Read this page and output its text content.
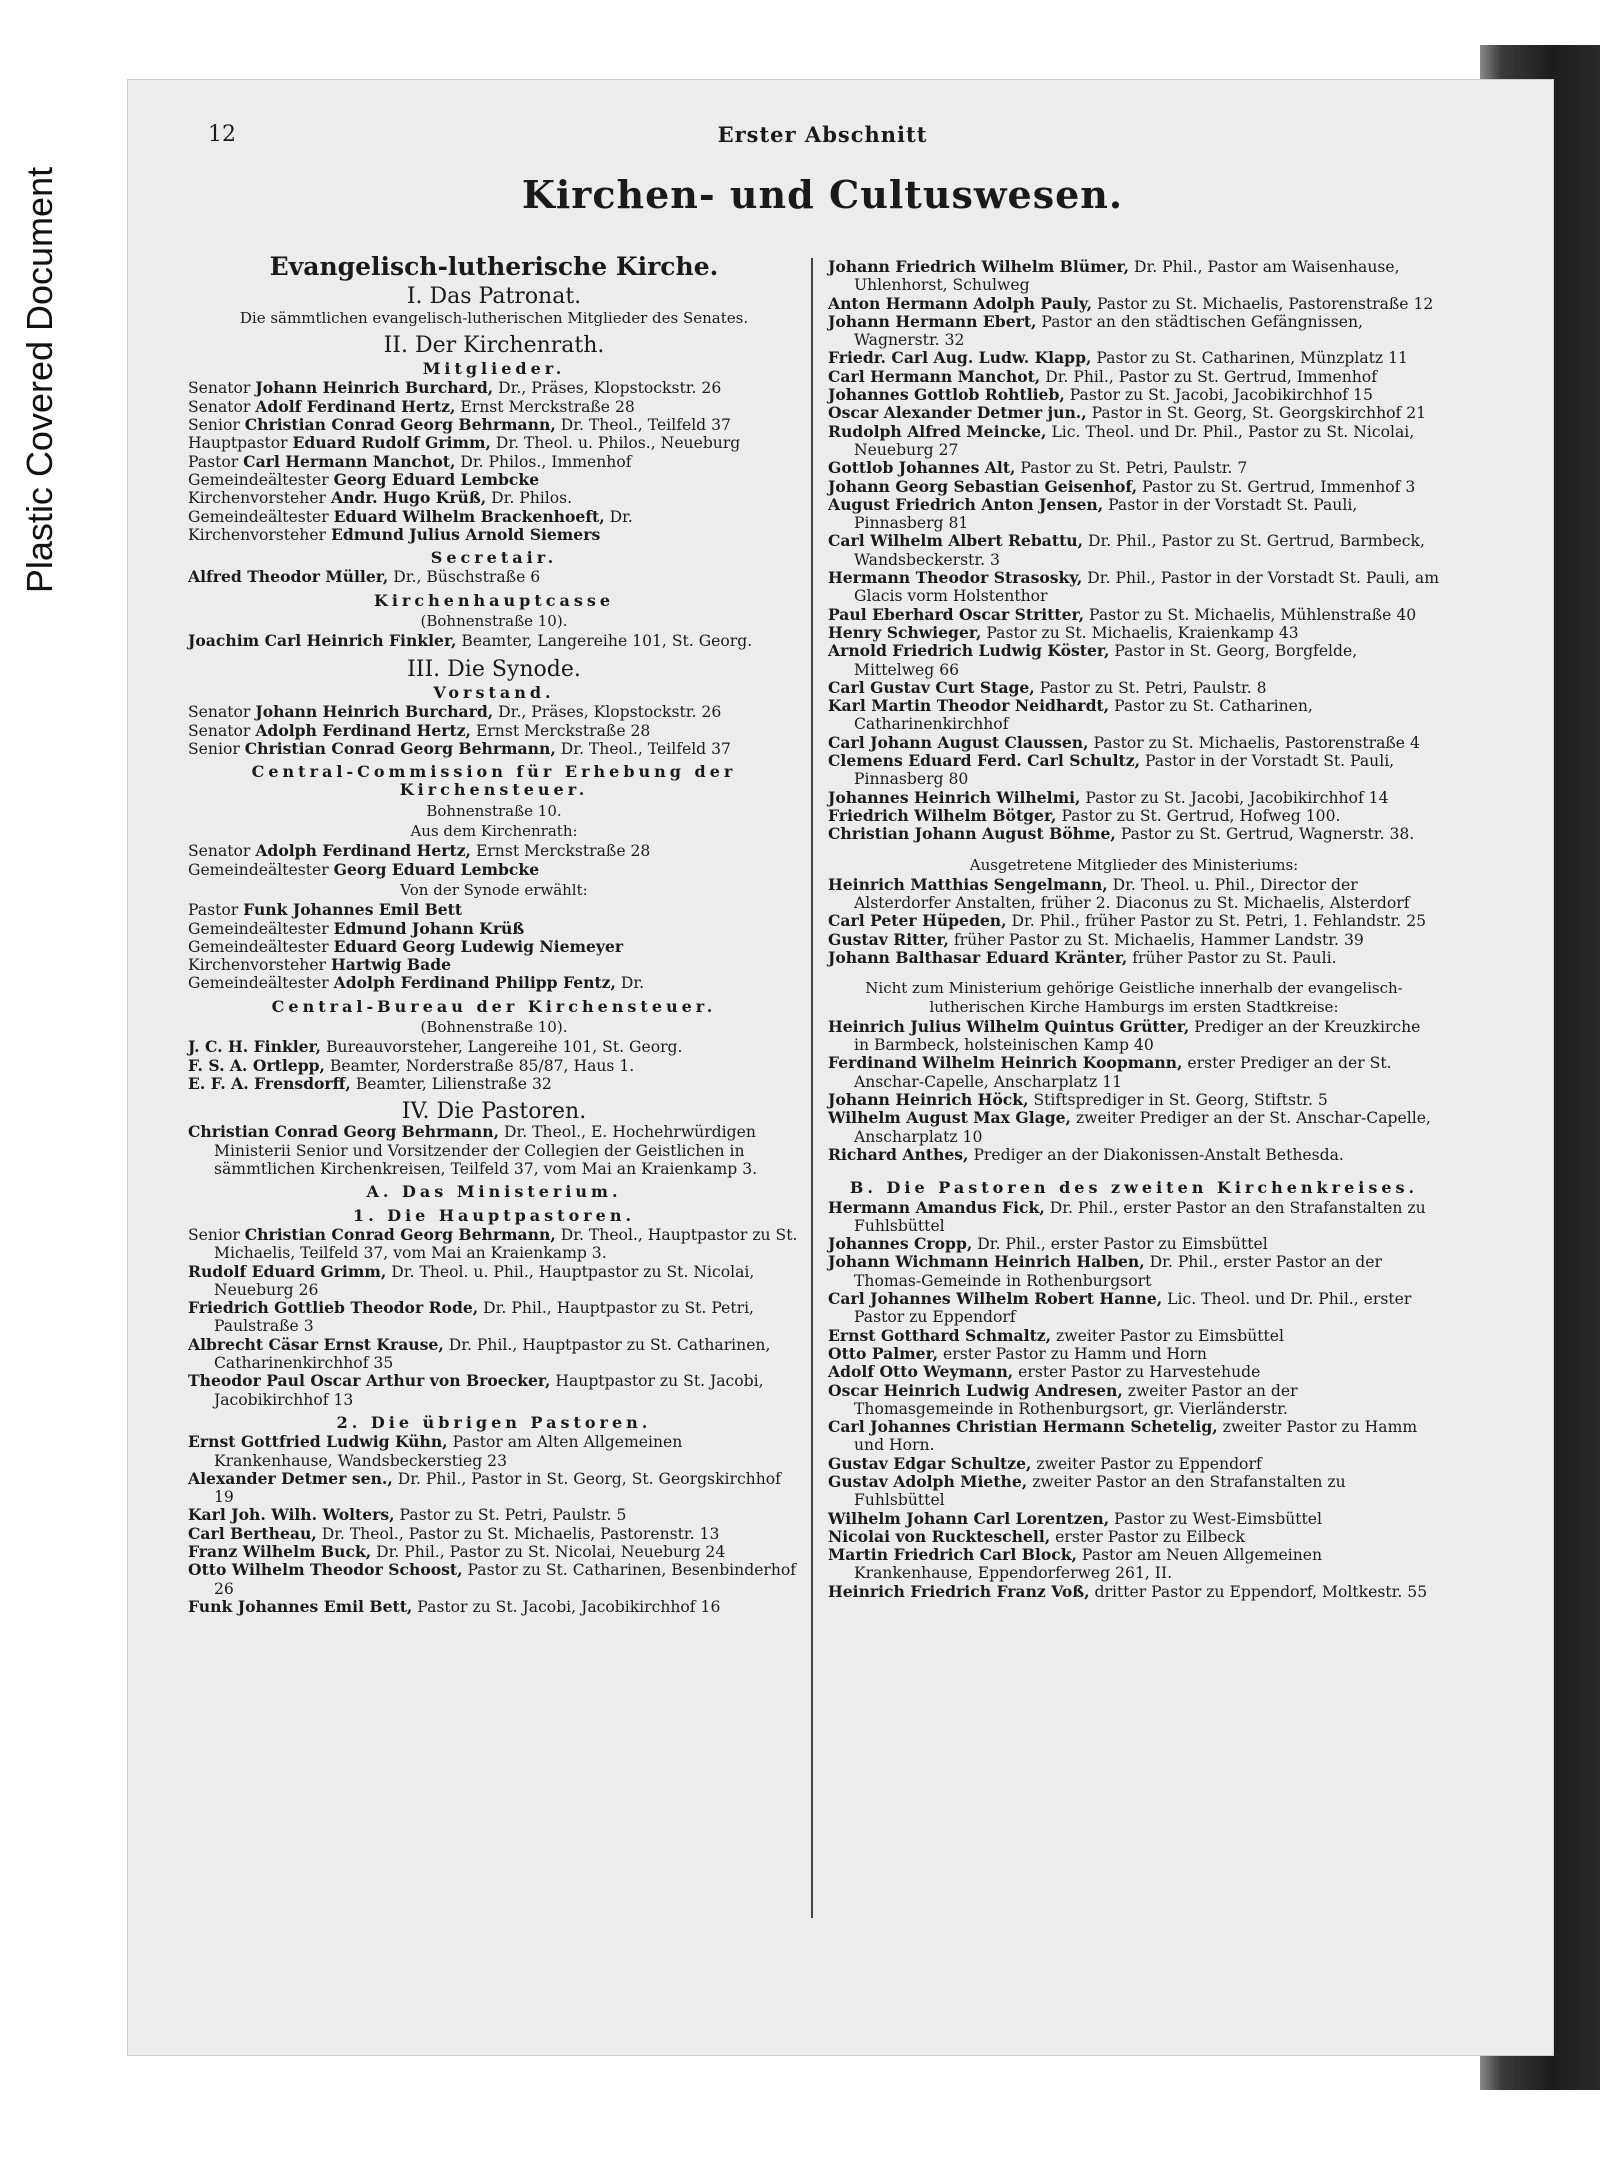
Plastic Covered Document
12	Erster Abschnitt
Kirchen- und Cultuswesen.
Evangelisch-lutherische Kirche.
I. Das Patronat.
Die sämmtlichen evangelisch-lutherischen Mitglieder des Senates.
II. Der Kirchenrath.
Mitglieder.
Senator Johann Heinrich Burchard, Dr., Präses, Klopstockstr. 26
Senator Adolf Ferdinand Hertz, Ernst Merckstraße 28
Senior Christian Conrad Georg Behrmann, Dr. Theol., Teilfeld 37
Hauptpastor Eduard Rudolf Grimm, Dr. Theol. u. Philos., Neueburg
Pastor Carl Hermann Manchot, Dr. Philos., Immenhof
Gemeindeältester Georg Eduard Lembcke
Kirchenvorsteher Andr. Hugo Krüß, Dr. Philos.
Gemeindeältester Eduard Wilhelm Brackenhoeft, Dr.
Kirchenvorsteher Edmund Julius Arnold Siemers
Secretair.
Alfred Theodor Müller, Dr., Büschstraße 6
Kirchenhauptcasse
(Bohnenstraße 10).
Joachim Carl Heinrich Finkler, Beamter, Langereihe 101, St. Georg.
III. Die Synode.
Vorstand.
Senator Johann Heinrich Burchard, Dr., Präses, Klopstockstr. 26
Senator Adolph Ferdinand Hertz, Ernst Merckstraße 28
Senior Christian Conrad Georg Behrmann, Dr. Theol., Teilfeld 37
Central-Commission für Erhebung der Kirchensteuer.
Bohnenstraße 10.
Aus dem Kirchenrath:
Senator Adolph Ferdinand Hertz, Ernst Merckstraße 28
Gemeindeältester Georg Eduard Lembcke
Von der Synode erwählt:
Pastor Funk Johannes Emil Bett
Gemeindeältester Edmund Johann Krüß
Gemeindeältester Eduard Georg Ludewig Niemeyer
Kirchenvorsteher Hartwig Bade
Gemeindeältester Adolph Ferdinand Philipp Fentz, Dr.
Central-Bureau der Kirchensteuer.
(Bohnenstraße 10).
J. C. H. Finkler, Bureauvorsteher, Langereihe 101, St. Georg.
F. S. A. Ortlepp, Beamter, Norderstraße 85/87, Haus 1.
E. F. A. Frensdorff, Beamter, Lilienstraße 32
IV. Die Pastoren.
Christian Conrad Georg Behrmann, Dr. Theol., E. Hochehrwürdigen Ministerii Senior und Vorsitzender der Collegien der Geistlichen in sämmtlichen Kirchenkreisen, Teilfeld 37, vom Mai an Kraienkamp 3.
A. Das Ministerium.
1. Die Hauptpastoren.
Senior Christian Conrad Georg Behrmann, Dr. Theol., Hauptpastor zu St. Michaelis, Teilfeld 37, vom Mai an Kraienkamp 3.
Rudolf Eduard Grimm, Dr. Theol. u. Phil., Hauptpastor zu St. Nicolai, Neueburg 26
Friedrich Gottlieb Theodor Rode, Dr. Phil., Hauptpastor zu St. Petri, Paulstraße 3
Albrecht Cäsar Ernst Krause, Dr. Phil., Hauptpastor zu St. Catharinen, Catharinenkirchhof 35
Theodor Paul Oscar Arthur von Broecker, Hauptpastor zu St. Jacobi, Jacobikirchhof 13
2. Die übrigen Pastoren.
Ernst Gottfried Ludwig Kühn, Pastor am Alten Allgemeinen Krankenhause, Wandsbeckerstieg 23
Alexander Detmer sen., Dr. Phil., Pastor in St. Georg, St. Georgskirchhof 19
Karl Joh. Wilh. Wolters, Pastor zu St. Petri, Paulstr. 5
Carl Bertheau, Dr. Theol., Pastor zu St. Michaelis, Pastorenstr. 13
Franz Wilhelm Buck, Dr. Phil., Pastor zu St. Nicolai, Neueburg 24
Otto Wilhelm Theodor Schoost, Pastor zu St. Catharinen, Besenbinderhof 26
Funk Johannes Emil Bett, Pastor zu St. Jacobi, Jacobikirchhof 16
Johann Friedrich Wilhelm Blümer, Dr. Phil., Pastor am Waisenhause, Uhlenhorst, Schulweg
Anton Hermann Adolph Pauly, Pastor zu St. Michaelis, Pastorenstraße 12
Johann Hermann Ebert, Pastor an den städtischen Gefängnissen, Wagnerstr. 32
Friedr. Carl Aug. Ludw. Klapp, Pastor zu St. Catharinen, Münzplatz 11
Carl Hermann Manchot, Dr. Phil., Pastor zu St. Gertrud, Immenhof
Johannes Gottlob Rohtlieb, Pastor zu St. Jacobi, Jacobikirchhof 15
Oscar Alexander Detmer jun., Pastor in St. Georg, St. Georgskirchhof 21
Rudolph Alfred Meincke, Lic. Theol. und Dr. Phil., Pastor zu St. Nicolai, Neueburg 27
Gottlob Johannes Alt, Pastor zu St. Petri, Paulstr. 7
Johann Georg Sebastian Geisenhof, Pastor zu St. Gertrud, Immenhof 3
August Friedrich Anton Jensen, Pastor in der Vorstadt St. Pauli, Pinnasberg 81
Carl Wilhelm Albert Rebattu, Dr. Phil., Pastor zu St. Gertrud, Barmbeck, Wandsbeckerstr. 3
Hermann Theodor Strasosky, Dr. Phil., Pastor in der Vorstadt St. Pauli, am Glacis vorm Holstenthor
Paul Eberhard Oscar Stritter, Pastor zu St. Michaelis, Mühlenstraße 40
Henry Schwieger, Pastor zu St. Michaelis, Kraienkamp 43
Arnold Friedrich Ludwig Köster, Pastor in St. Georg, Borgfelde, Mittelweg 66
Carl Gustav Curt Stage, Pastor zu St. Petri, Paulstr. 8
Karl Martin Theodor Neidhardt, Pastor zu St. Catharinen, Catharinenkirchhof
Carl Johann August Claussen, Pastor zu St. Michaelis, Pastorenstraße 4
Clemens Eduard Ferd. Carl Schultz, Pastor in der Vorstadt St. Pauli, Pinnasberg 80
Johannes Heinrich Wilhelmi, Pastor zu St. Jacobi, Jacobikirchhof 14
Friedrich Wilhelm Bötger, Pastor zu St. Gertrud, Hofweg 100.
Christian Johann August Böhme, Pastor zu St. Gertrud, Wagnerstr. 38.
Ausgetretene Mitglieder des Ministeriums:
Heinrich Matthias Sengelmann, Dr. Theol. u. Phil., Director der Alsterdorfer Anstalten, früher 2. Diaconus zu St. Michaelis, Alsterdorf
Carl Peter Hüpeden, Dr. Phil., früher Pastor zu St. Petri, 1. Fehlandstr. 25
Gustav Ritter, früher Pastor zu St. Michaelis, Hammer Landstr. 39
Johann Balthasar Eduard Kränter, früher Pastor zu St. Pauli.
Nicht zum Ministerium gehörige Geistliche innerhalb der evangelisch-lutherischen Kirche Hamburgs im ersten Stadtkreise:
Heinrich Julius Wilhelm Quintus Grütter, Prediger an der Kreuzkirche in Barmbeck, holsteinischen Kamp 40
Ferdinand Wilhelm Heinrich Koopmann, erster Prediger an der St. Anschar-Capelle, Anscharplatz 11
Johann Heinrich Höck, Stiftsprediger in St. Georg, Stiftstr. 5
Wilhelm August Max Glage, zweiter Prediger an der St. Anschar-Capelle, Anscharplatz 10
Richard Anthes, Prediger an der Diakonissen-Anstalt Bethesda.
B. Die Pastoren des zweiten Kirchenkreises.
Hermann Amandus Fick, Dr. Phil., erster Pastor an den Strafanstalten zu Fuhlsbüttel
Johannes Cropp, Dr. Phil., erster Pastor zu Eimsbüttel
Johann Wichmann Heinrich Halben, Dr. Phil., erster Pastor an der Thomas-Gemeinde in Rothenburgsort
Carl Johannes Wilhelm Robert Hanne, Lic. Theol. und Dr. Phil., erster Pastor zu Eppendorf
Ernst Gotthard Schmaltz, zweiter Pastor zu Eimsbüttel
Otto Palmer, erster Pastor zu Hamm und Horn
Adolf Otto Weymann, erster Pastor zu Harvestehude
Oscar Heinrich Ludwig Andresen, zweiter Pastor an der Thomasgemeinde in Rothenburgsort, gr. Vierländerstr.
Carl Johannes Christian Hermann Schetelig, zweiter Pastor zu Hamm und Horn.
Gustav Edgar Schultze, zweiter Pastor zu Eppendorf
Gustav Adolph Miethe, zweiter Pastor an den Strafanstalten zu Fuhlsbüttel
Wilhelm Johann Carl Lorentzen, Pastor zu West-Eimsbüttel
Nicolai von Ruckteschell, erster Pastor zu Eilbeck
Martin Friedrich Carl Block, Pastor am Neuen Allgemeinen Krankenhause, Eppendorferweg 261, II.
Heinrich Friedrich Franz Voß, dritter Pastor zu Eppendorf, Moltkestr. 55
